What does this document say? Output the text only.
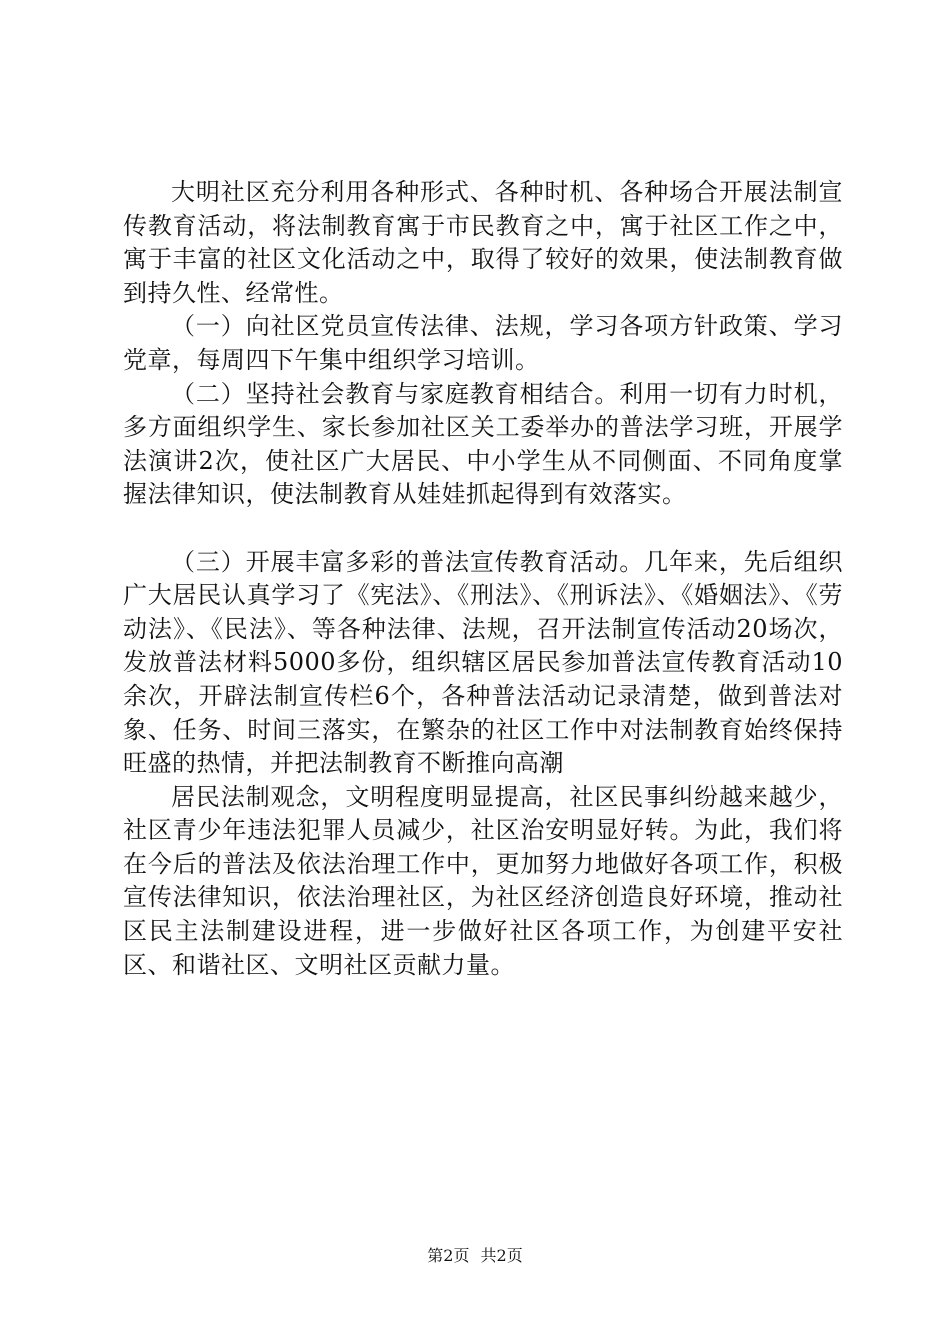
大明社区充分利用各种形式、各种时机、各种场合开展法制宣传教育活动，将法制教育寓于市民教育之中，寓于社区工作之中，寓于丰富的社区文化活动之中，取得了较好的效果，使法制教育做到持久性、经常性。

（一）向社区党员宣传法律、法规，学习各项方针政策、学习党章，每周四下午集中组织学习培训。

（二）坚持社会教育与家庭教育相结合。利用一切有力时机，多方面组织学生、家长参加社区关工委举办的普法学习班，开展学法演讲2次，使社区广大居民、中小学生从不同侧面、不同角度掌握法律知识，使法制教育从娃娃抓起得到有效落实。

（三）开展丰富多彩的普法宣传教育活动。几年来，先后组织广大居民认真学习了《宪法》、《刑法》、《刑诉法》、《婚姻法》、《劳动法》、《民法》、等各种法律、法规，召开法制宣传活动20场次，发放普法材料5000多份，组织辖区居民参加普法宣传教育活动10余次，开辟法制宣传栏6个，各种普法活动记录清楚，做到普法对象、任务、时间三落实，在繁杂的社区工作中对法制教育始终保持旺盛的热情，并把法制教育不断推向高潮

居民法制观念，文明程度明显提高，社区民事纠纷越来越少，社区青少年违法犯罪人员减少，社区治安明显好转。为此，我们将在今后的普法及依法治理工作中，更加努力地做好各项工作，积极宣传法律知识，依法治理社区，为社区经济创造良好环境，推动社区民主法制建设进程，进一步做好社区各项工作，为创建平安社区、和谐社区、文明社区贡献力量。

第2页 共2页
